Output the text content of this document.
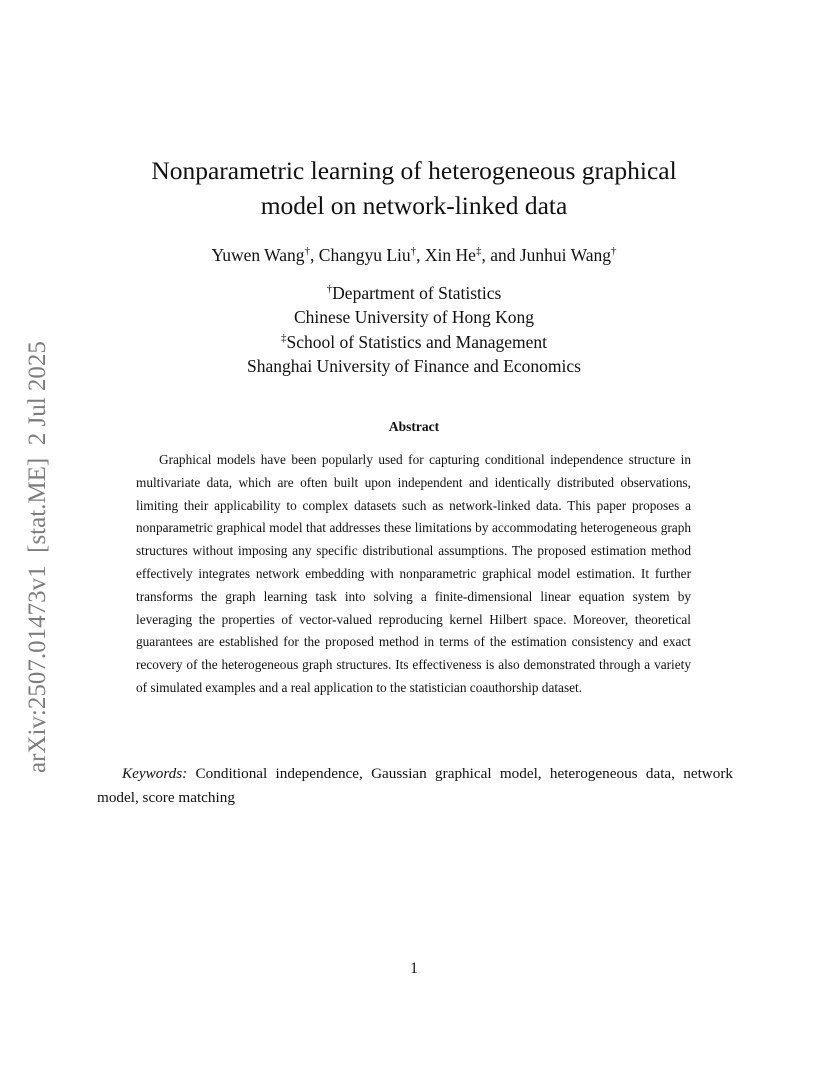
arXiv:2507.01473v1  [stat.ME]  2 Jul 2025
Nonparametric learning of heterogeneous graphical
model on network-linked data
Yuwen Wang†, Changyu Liu†, Xin He‡, and Junhui Wang†
†Department of Statistics
Chinese University of Hong Kong
‡School of Statistics and Management
Shanghai University of Finance and Economics
Abstract

Graphical models have been popularly used for capturing conditional independence structure in multivariate data, which are often built upon independent and identically distributed observations, limiting their applicability to complex datasets such as network-linked data. This paper proposes a nonparametric graphical model that addresses these limitations by accommodating heterogeneous graph structures without imposing any specific distributional assumptions. The proposed estimation method effectively integrates network embedding with nonparametric graphical model estimation. It further transforms the graph learning task into solving a finite-dimensional linear equation system by leveraging the properties of vector-valued reproducing kernel Hilbert space. Moreover, theoretical guarantees are established for the proposed method in terms of the estimation consistency and exact recovery of the heterogeneous graph structures. Its effectiveness is also demonstrated through a variety of simulated examples and a real application to the statistician coauthorship dataset.

Keywords: Conditional independence, Gaussian graphical model, heterogeneous data, network model, score matching

1
